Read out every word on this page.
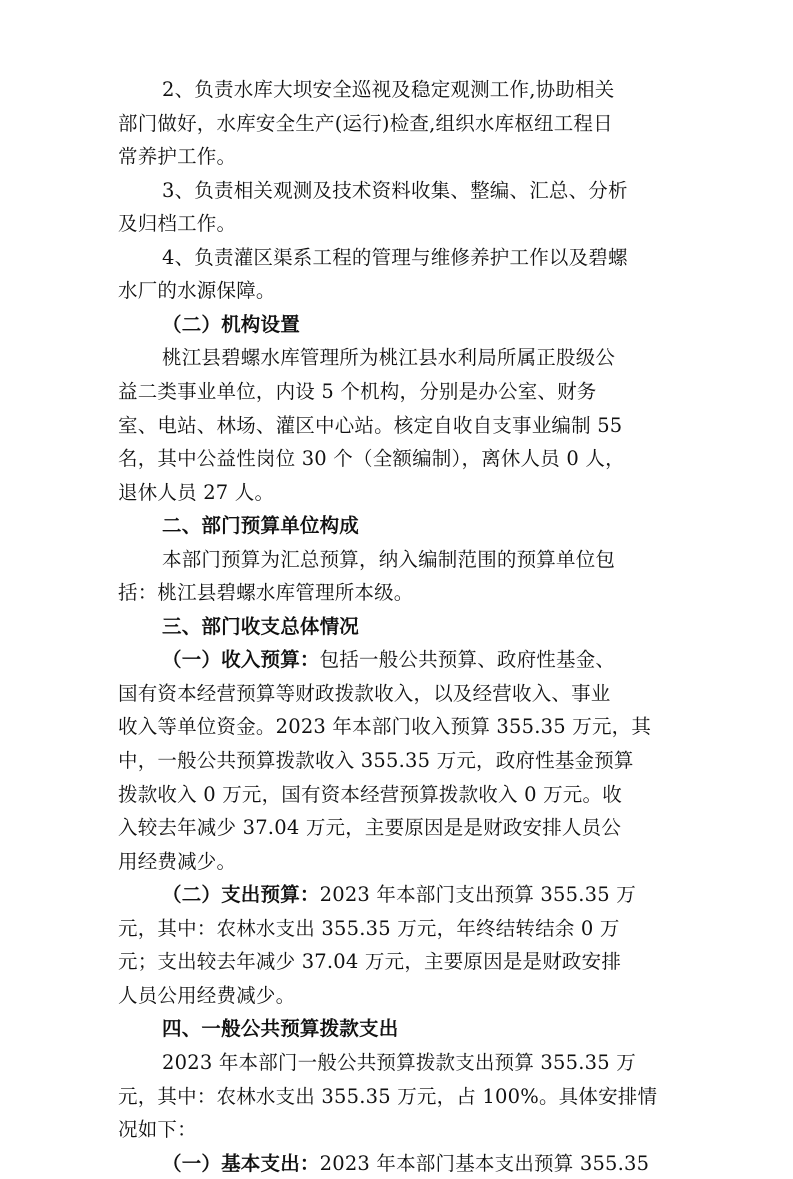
2、负责水库大坝安全巡视及稳定观测工作,协助相关
部门做好，水库安全生产(运行)检查,组织水库枢纽工程日
常养护工作。
3、负责相关观测及技术资料收集、整编、汇总、分析
及归档工作。
4、负责灌区渠系工程的管理与维修养护工作以及碧螺
水厂的水源保障。
（二）机构设置
桃江县碧螺水库管理所为桃江县水利局所属正股级公
益二类事业单位，内设 5 个机构，分别是办公室、财务
室、电站、林场、灌区中心站。核定自收自支事业编制 55
名，其中公益性岗位 30 个（全额编制），离休人员 0 人，
退休人员 27 人。
二、部门预算单位构成
本部门预算为汇总预算，纳入编制范围的预算单位包
括：桃江县碧螺水库管理所本级。
三、部门收支总体情况
（一）收入预算：包括一般公共预算、政府性基金、
国有资本经营预算等财政拨款收入，以及经营收入、事业
收入等单位资金。2023 年本部门收入预算 355.35 万元，其
中，一般公共预算拨款收入 355.35 万元，政府性基金预算
拨款收入 0 万元，国有资本经营预算拨款收入 0 万元。收
入较去年减少 37.04 万元，主要原因是是财政安排人员公
用经费减少。
（二）支出预算：2023 年本部门支出预算 355.35 万
元，其中：农林水支出 355.35 万元，年终结转结余 0 万
元；支出较去年减少 37.04 万元，主要原因是是财政安排
人员公用经费减少。
四、一般公共预算拨款支出
2023 年本部门一般公共预算拨款支出预算 355.35 万
元，其中：农林水支出 355.35 万元，占 100%。具体安排情
况如下：
（一）基本支出：2023 年本部门基本支出预算 355.35
